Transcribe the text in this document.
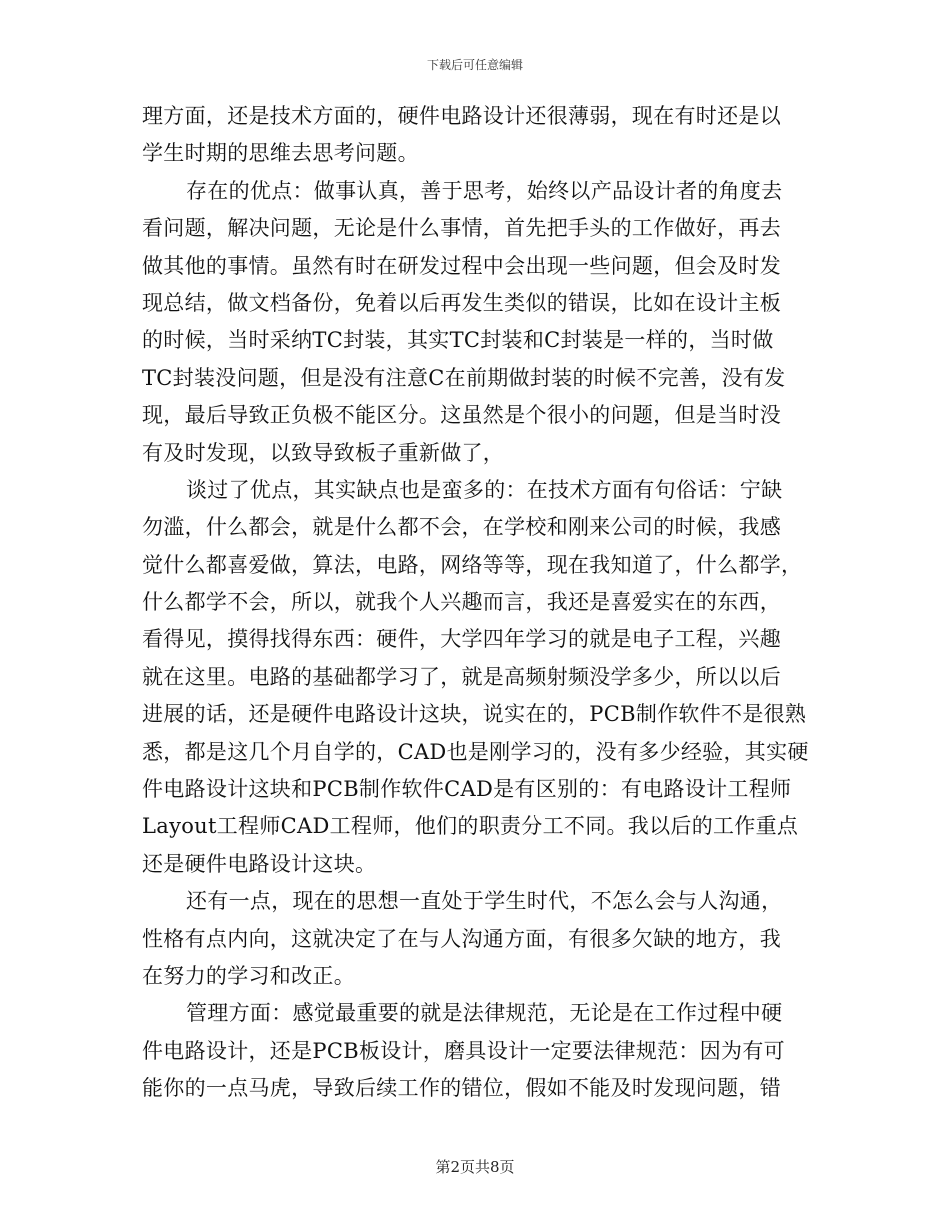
下载后可任意编辑
理方面，还是技术方面的，硬件电路设计还很薄弱，现在有时还是以
学生时期的思维去思考问题。
存在的优点：做事认真，善于思考，始终以产品设计者的角度去
看问题，解决问题，无论是什么事情，首先把手头的工作做好，再去
做其他的事情。虽然有时在研发过程中会出现一些问题，但会及时发
现总结，做文档备份，免着以后再发生类似的错误，比如在设计主板
的时候，当时采纳TC封装，其实TC封装和C封装是一样的，当时做
TC封装没问题，但是没有注意C在前期做封装的时候不完善，没有发
现，最后导致正负极不能区分。这虽然是个很小的问题，但是当时没
有及时发现，以致导致板子重新做了，
谈过了优点，其实缺点也是蛮多的：在技术方面有句俗话：宁缺
勿滥，什么都会，就是什么都不会，在学校和刚来公司的时候，我感
觉什么都喜爱做，算法，电路，网络等等，现在我知道了，什么都学，
什么都学不会，所以，就我个人兴趣而言，我还是喜爱实在的东西，
看得见，摸得找得东西：硬件，大学四年学习的就是电子工程，兴趣
就在这里。电路的基础都学习了，就是高频射频没学多少，所以以后
进展的话，还是硬件电路设计这块，说实在的，PCB制作软件不是很熟
悉，都是这几个月自学的，CAD也是刚学习的，没有多少经验，其实硬
件电路设计这块和PCB制作软件CAD是有区别的：有电路设计工程师
Layout工程师CAD工程师，他们的职责分工不同。我以后的工作重点
还是硬件电路设计这块。
还有一点，现在的思想一直处于学生时代，不怎么会与人沟通，
性格有点内向，这就决定了在与人沟通方面，有很多欠缺的地方，我
在努力的学习和改正。
管理方面：感觉最重要的就是法律规范，无论是在工作过程中硬
件电路设计，还是PCB板设计，磨具设计一定要法律规范：因为有可
能你的一点马虎，导致后续工作的错位，假如不能及时发现问题，错
第2页共8页
